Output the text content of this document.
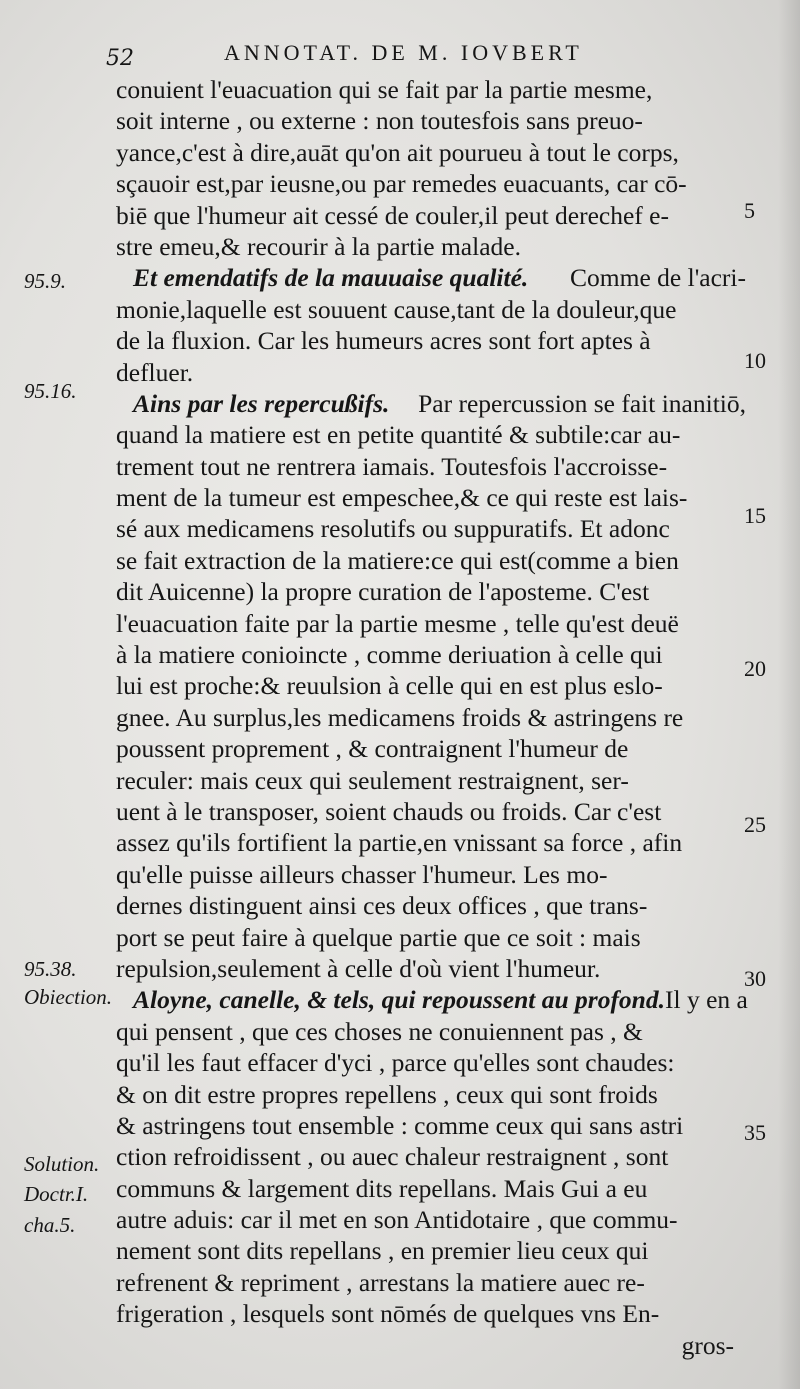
52	ANNOTAT. DE M. IOVBERT
conuient l'euacuation qui se fait par la partie mesme,
soit interne , ou externe : non toutesfois sans preuo-
yance,c'est à dire,auāt qu'on ait pourueu à tout le corps,
sçauoir est,par ieusne,ou par remedes euacuants, car cō-
biē que l'humeur ait cessé de couler,il peut derechef e-
stre emeu,& recourir à la partie malade.
Et emendatifs de la mauuaise qualité. Comme de l'acri-
monie,laquelle est souuent cause,tant de la douleur,que
de la fluxion. Car les humeurs acres sont fort aptes à
defluer.
Ains par les repercußifs. Par repercussion se fait inanitiō,
quand la matiere est en petite quantité & subtile:car au-
trement tout ne rentrera iamais. Toutesfois l'accroisse-
ment de la tumeur est empeschee,& ce qui reste est lais-
sé aux medicamens resolutifs ou suppuratifs. Et adonc
se fait extraction de la matiere:ce qui est(comme a bien
dit Auicenne) la propre curation de l'aposteme. C'est
l'euacuation faite par la partie mesme , telle qu'est deuë
à la matiere conioincte , comme deriuation à celle qui
lui est proche:& reuulsion à celle qui en est plus eslo-
gnee. Au surplus,les medicamens froids & astringens re
poussent proprement , & contraignent l'humeur de
reculer: mais ceux qui seulement restraignent, ser-
uent à le transposer, soient chauds ou froids. Car c'est
assez qu'ils fortifient la partie,en vnissant sa force , afin
qu'elle puisse ailleurs chasser l'humeur. Les mo-
dernes distinguent ainsi ces deux offices , que trans-
port se peut faire à quelque partie que ce soit : mais
repulsion,seulement à celle d'où vient l'humeur.
Aloyne, canelle, & tels, qui repoussent au profond. Il y en a
qui pensent , que ces choses ne conuiennent pas , &
qu'il les faut effacer d'yci , parce qu'elles sont chaudes:
& on dit estre propres repellens , ceux qui sont froids
& astringens tout ensemble : comme ceux qui sans astri
ction refroidissent , ou auec chaleur restraignent , sont
communs & largement dits repellans. Mais Gui a eu
autre aduis: car il met en son Antidotaire , que commu-
nement sont dits repellans , en premier lieu ceux qui
refrenent & repriment , arrestans la matiere auec re-
frigeration , lesquels sont nōmés de quelques vns En-
gros-
95.9.
95.16.
95.38.
Obiection.
Solution.
Doctr.I.
cha.5.
5
10
15
20
25
30
35
